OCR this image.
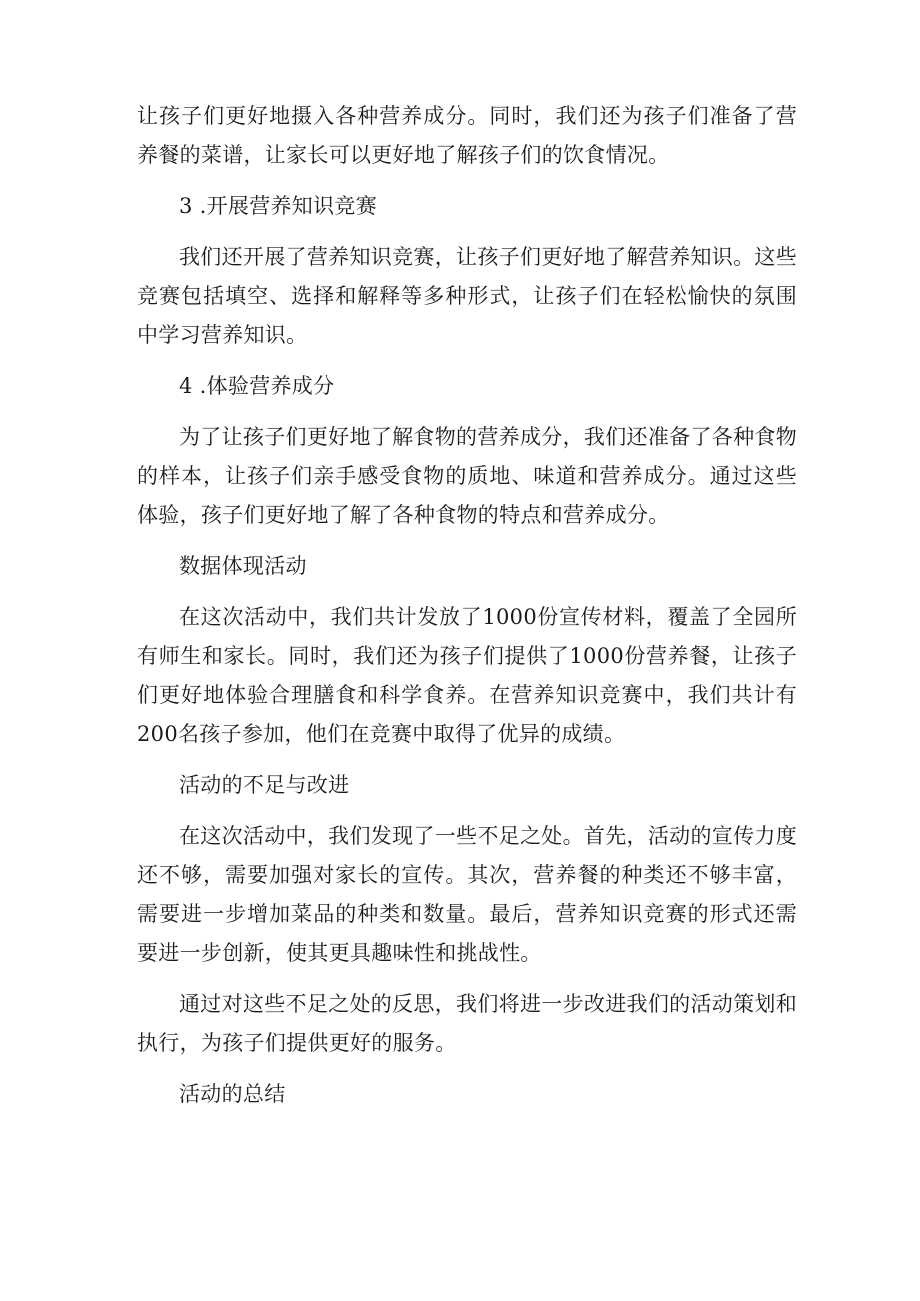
让孩子们更好地摄入各种营养成分。同时，我们还为孩子们准备了营养餐的菜谱，让家长可以更好地了解孩子们的饮食情况。

3 .开展营养知识竞赛

我们还开展了营养知识竞赛，让孩子们更好地了解营养知识。这些竞赛包括填空、选择和解释等多种形式，让孩子们在轻松愉快的氛围中学习营养知识。

4 .体验营养成分

为了让孩子们更好地了解食物的营养成分，我们还准备了各种食物的样本，让孩子们亲手感受食物的质地、味道和营养成分。通过这些体验，孩子们更好地了解了各种食物的特点和营养成分。

数据体现活动

在这次活动中，我们共计发放了1000份宣传材料，覆盖了全园所有师生和家长。同时，我们还为孩子们提供了1000份营养餐，让孩子们更好地体验合理膳食和科学食养。在营养知识竞赛中，我们共计有200名孩子参加，他们在竞赛中取得了优异的成绩。

活动的不足与改进

在这次活动中，我们发现了一些不足之处。首先，活动的宣传力度还不够，需要加强对家长的宣传。其次，营养餐的种类还不够丰富，需要进一步增加菜品的种类和数量。最后，营养知识竞赛的形式还需要进一步创新，使其更具趣味性和挑战性。

通过对这些不足之处的反思，我们将进一步改进我们的活动策划和执行，为孩子们提供更好的服务。

活动的总结
